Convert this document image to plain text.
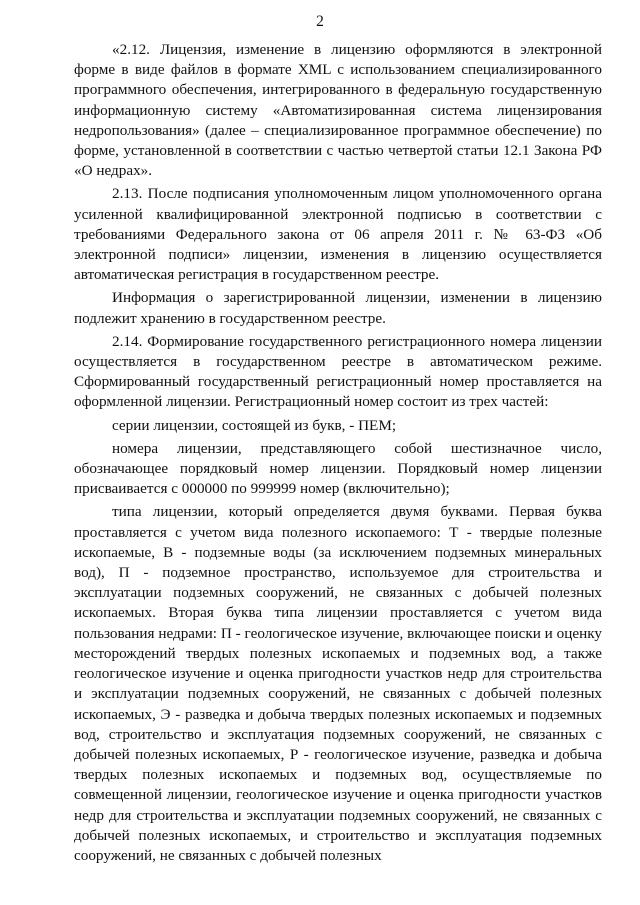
2

«2.12. Лицензия, изменение в лицензию оформляются в электронной форме в виде файлов в формате XML с использованием специализированного программного обеспечения, интегрированного в федеральную государственную информационную систему «Автоматизированная система лицензирования недропользования» (далее – специализированное программное обеспечение) по форме, установленной в соответствии с частью четвертой статьи 12.1 Закона РФ «О недрах».

2.13. После подписания уполномоченным лицом уполномоченного органа усиленной квалифицированной электронной подписью в соответствии с требованиями Федерального закона от 06 апреля 2011 г. № 63-ФЗ «Об электронной подписи» лицензии, изменения в лицензию осуществляется автоматическая регистрация в государственном реестре.

Информация о зарегистрированной лицензии, изменении в лицензию подлежит хранению в государственном реестре.

2.14. Формирование государственного регистрационного номера лицензии осуществляется в государственном реестре в автоматическом режиме. Сформированный государственный регистрационный номер проставляется на оформленной лицензии. Регистрационный номер состоит из трех частей:

серии лицензии, состоящей из букв, - ПЕМ;

номера лицензии, представляющего собой шестизначное число, обозначающее порядковый номер лицензии. Порядковый номер лицензии присваивается с 000000 по 999999 номер (включительно);

типа лицензии, который определяется двумя буквами. Первая буква проставляется с учетом вида полезного ископаемого: Т - твердые полезные ископаемые, В - подземные воды (за исключением подземных минеральных вод), П - подземное пространство, используемое для строительства и эксплуатации подземных сооружений, не связанных с добычей полезных ископаемых. Вторая буква типа лицензии проставляется с учетом вида пользования недрами: П - геологическое изучение, включающее поиски и оценку месторождений твердых полезных ископаемых и подземных вод, а также геологическое изучение и оценка пригодности участков недр для строительства и эксплуатации подземных сооружений, не связанных с добычей полезных ископаемых, Э - разведка и добыча твердых полезных ископаемых и подземных вод, строительство и эксплуатация подземных сооружений, не связанных с добычей полезных ископаемых, Р - геологическое изучение, разведка и добыча твердых полезных ископаемых и подземных вод, осуществляемые по совмещенной лицензии, геологическое изучение и оценка пригодности участков недр для строительства и эксплуатации подземных сооружений, не связанных с добычей полезных ископаемых, и строительство и эксплуатация подземных сооружений, не связанных с добычей полезных
